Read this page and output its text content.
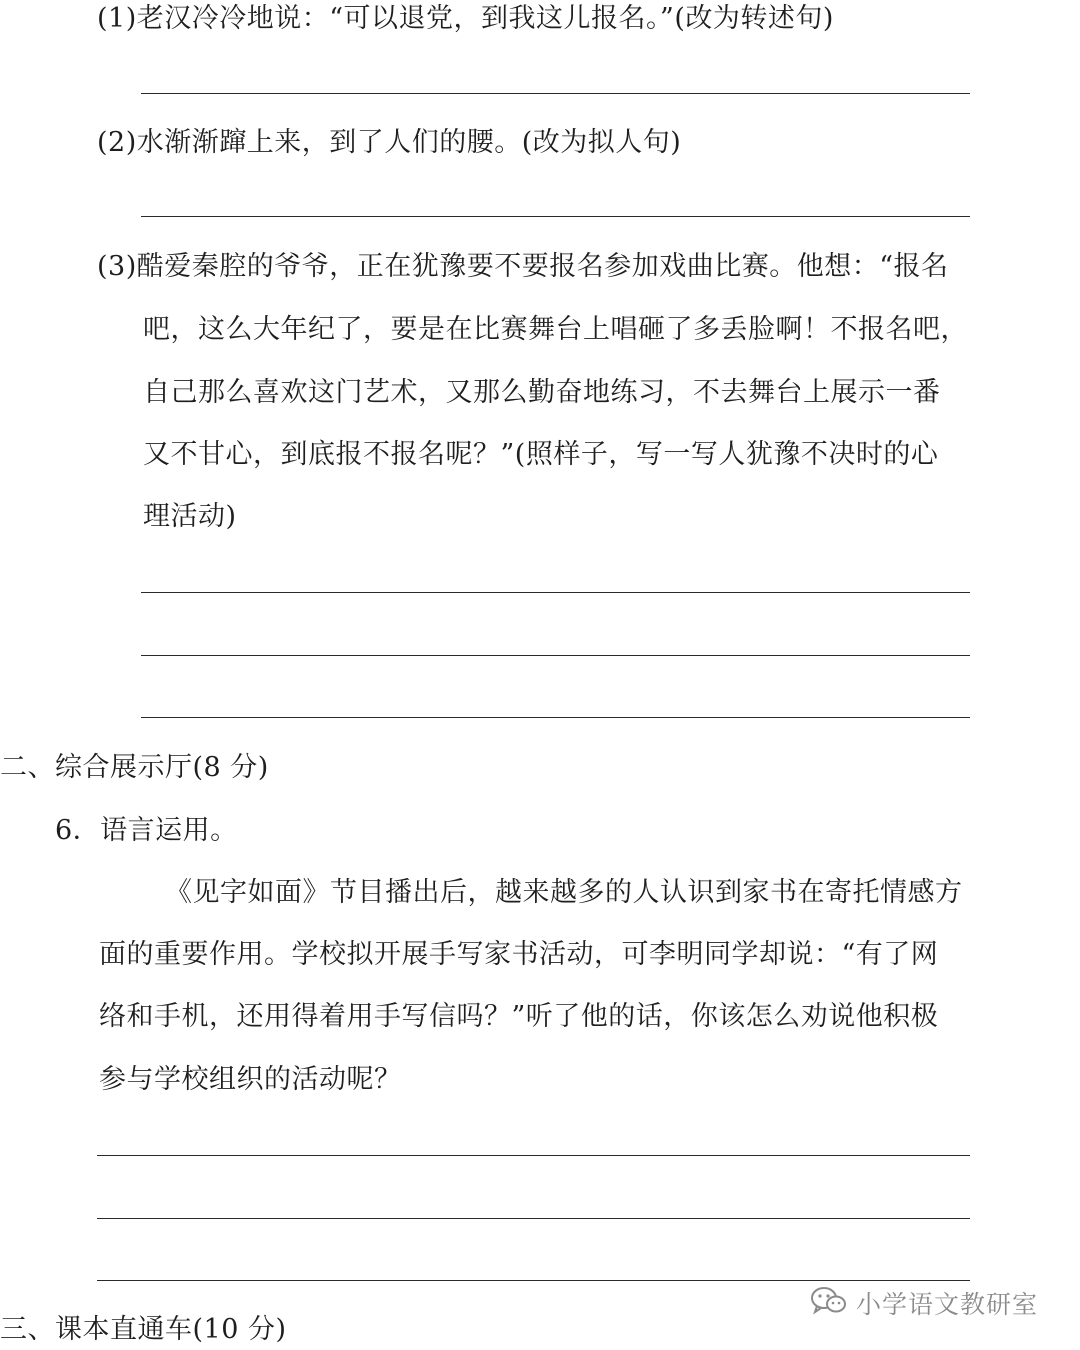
(1)老汉冷冷地说：“可以退党，到我这儿报名。”(改为转述句)
(2)水渐渐蹿上来，到了人们的腰。(改为拟人句)
(3)酷爱秦腔的爷爷，正在犹豫要不要报名参加戏曲比赛。他想：“报名
吧，这么大年纪了，要是在比赛舞台上唱砸了多丢脸啊！不报名吧，
自己那么喜欢这门艺术，又那么勤奋地练习，不去舞台上展示一番
又不甘心，到底报不报名呢？”(照样子，写一写人犹豫不决时的心
理活动)
二、综合展示厅(8 分)
6．语言运用。
《见字如面》节目播出后，越来越多的人认识到家书在寄托情感方
面的重要作用。学校拟开展手写家书活动，可李明同学却说：“有了网
络和手机，还用得着用手写信吗？”听了他的话，你该怎么劝说他积极
参与学校组织的活动呢？
三、课本直通车(10 分)
小学语文教研室
